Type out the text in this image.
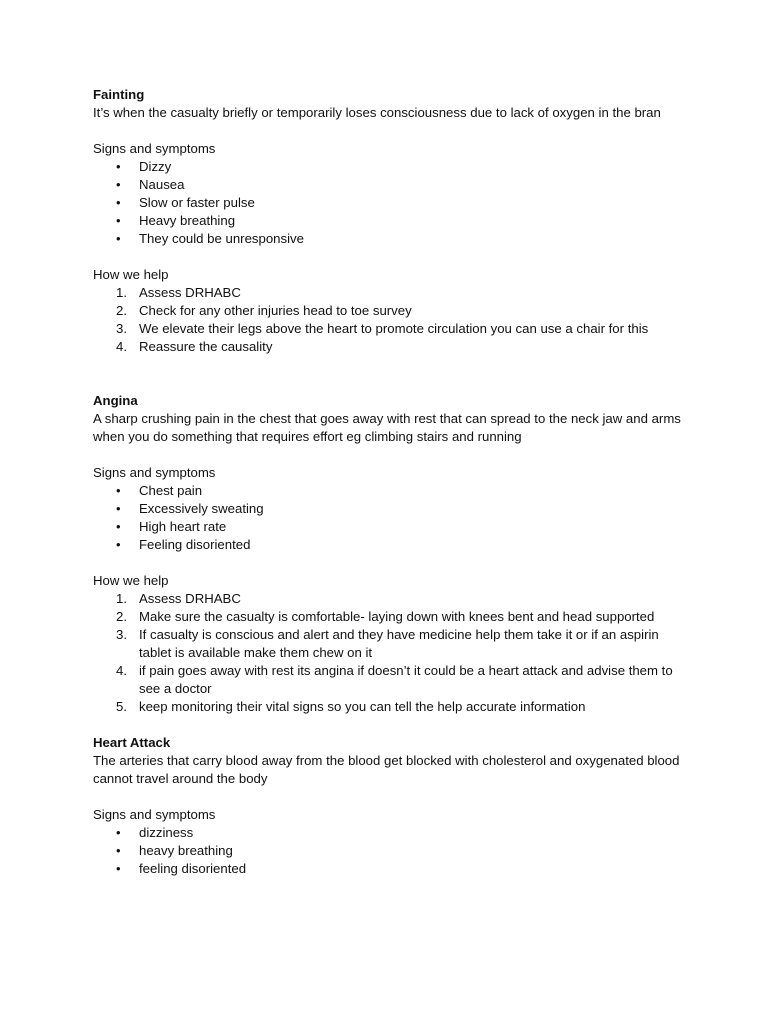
Fainting

It’s when the casualty briefly or temporarily loses consciousness due to lack of oxygen in the bran

Signs and symptoms

• Dizzy
• Nausea
• Slow or faster pulse
• Heavy breathing
• They could be unresponsive

How we help

1. Assess DRHABC
2. Check for any other injuries head to toe survey
3. We elevate their legs above the heart to promote circulation you can use a chair for this
4. Reassure the causality

Angina

A sharp crushing pain in the chest that goes away with rest that can spread to the neck jaw and arms when you do something that requires effort eg climbing stairs and running

Signs and symptoms

• Chest pain
• Excessively sweating
• High heart rate
• Feeling disoriented

How we help

1. Assess DRHABC
2. Make sure the casualty is comfortable- laying down with knees bent and head supported
3. If casualty is conscious and alert and they have medicine help them take it or if an aspirin tablet is available make them chew on it
4. if pain goes away with rest its angina if doesn’t it could be a heart attack and advise them to see a doctor
5. keep monitoring their vital signs so you can tell the help accurate information

Heart Attack

The arteries that carry blood away from the blood get blocked with cholesterol and oxygenated blood cannot travel around the body

Signs and symptoms

• dizziness
• heavy breathing
• feeling disoriented
